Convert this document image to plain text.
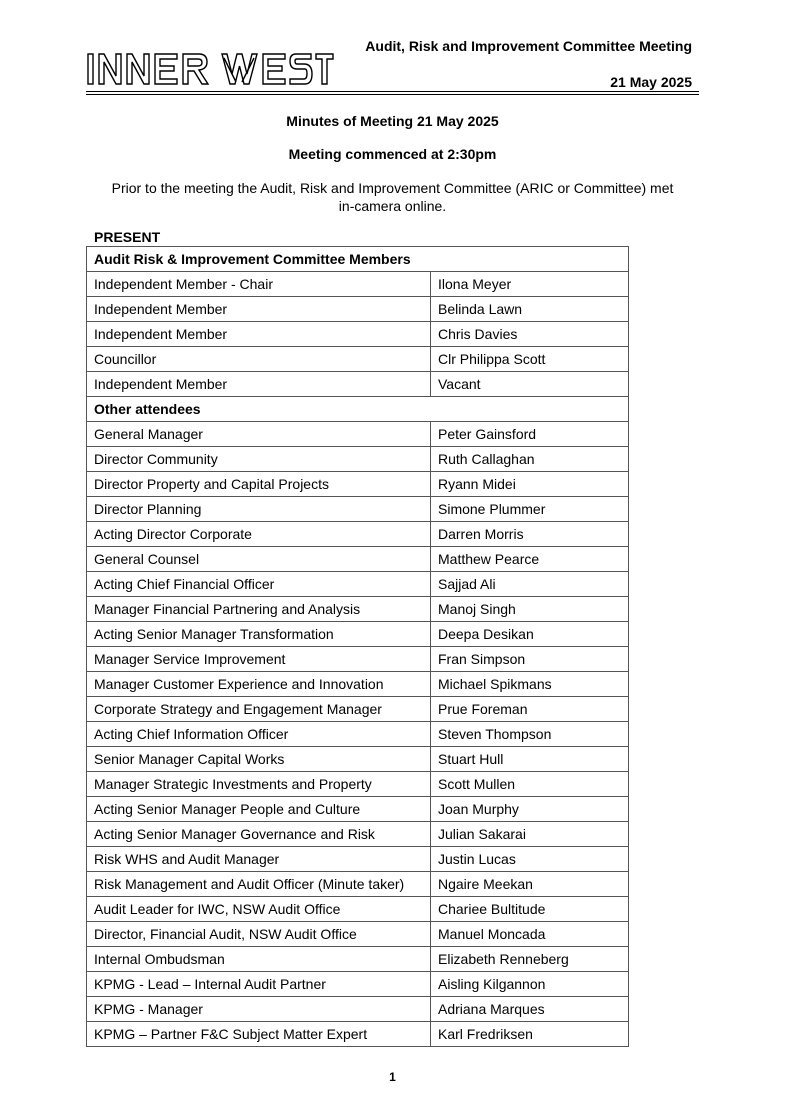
Audit, Risk and Improvement Committee Meeting
21 May 2025
Minutes of Meeting 21 May 2025
Meeting commenced at 2:30pm
Prior to the meeting the Audit, Risk and Improvement Committee (ARIC or Committee) met
in-camera online.
PRESENT
Audit Risk & Improvement Committee Members	
Independent Member - Chair	Ilona Meyer
Independent Member	Belinda Lawn
Independent Member	Chris Davies
Councillor	Clr Philippa Scott
Independent Member	Vacant
Other attendees	
General Manager	Peter Gainsford
Director Community	Ruth Callaghan
Director Property and Capital Projects	Ryann Midei
Director Planning	Simone Plummer
Acting Director Corporate	Darren Morris
General Counsel	Matthew Pearce
Acting Chief Financial Officer	Sajjad Ali
Manager Financial Partnering and Analysis	Manoj Singh
Acting Senior Manager Transformation	Deepa Desikan
Manager Service Improvement	Fran Simpson
Manager Customer Experience and Innovation	Michael Spikmans
Corporate Strategy and Engagement Manager	Prue Foreman
Acting Chief Information Officer	Steven Thompson
Senior Manager Capital Works	Stuart Hull
Manager Strategic Investments and Property	Scott Mullen
Acting Senior Manager People and Culture	Joan Murphy
Acting Senior Manager Governance and Risk	Julian Sakarai
Risk WHS and Audit Manager	Justin Lucas
Risk Management and Audit Officer (Minute taker)	Ngaire Meekan
Audit Leader for IWC, NSW Audit Office	Chariee Bultitude
Director, Financial Audit, NSW Audit Office	Manuel Moncada
Internal Ombudsman	Elizabeth Renneberg
KPMG - Lead – Internal Audit Partner	Aisling Kilgannon
KPMG - Manager	Adriana Marques
KPMG – Partner F&C Subject Matter Expert	Karl Fredriksen
1
